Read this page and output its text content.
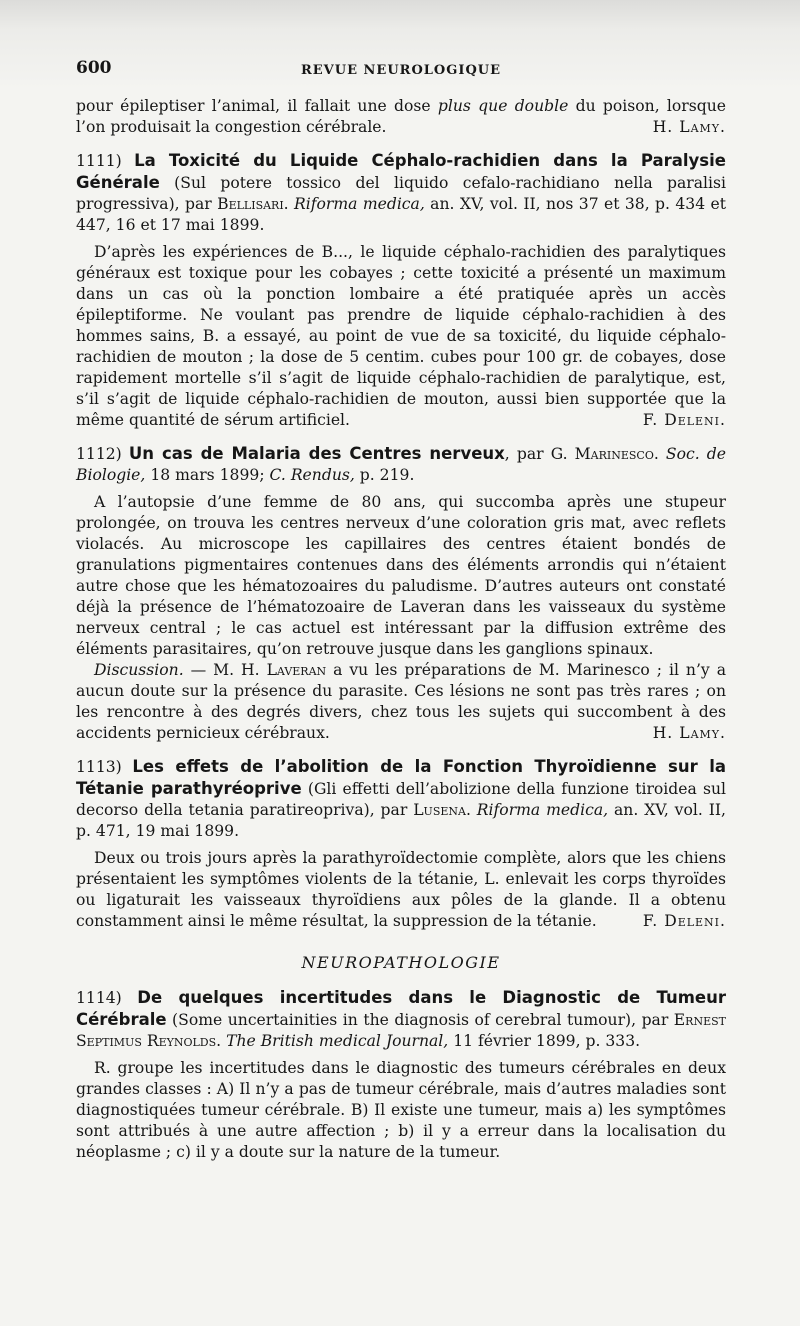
600	REVUE NEUROLOGIQUE

pour épileptiser l’animal, il fallait une dose plus que double du poison, lorsque l’on produisait la congestion cérébrale.	H. Lamy.

1111) La Toxicité du Liquide Céphalo-rachidien dans la Paralysie Générale (Sul potere tossico del liquido cefalo-rachidiano nella paralisi progressiva), par Bellisari. Riforma medica, an. XV, vol. II, nos 37 et 38, p. 434 et 447, 16 et 17 mai 1899.

D’après les expériences de B..., le liquide céphalo-rachidien des paralytiques généraux est toxique pour les cobayes ; cette toxicité a présenté un maximum dans un cas où la ponction lombaire a été pratiquée après un accès épileptiforme. Ne voulant pas prendre de liquide céphalo-rachidien à des hommes sains, B. a essayé, au point de vue de sa toxicité, du liquide céphalo-rachidien de mouton ; la dose de 5 centim. cubes pour 100 gr. de cobayes, dose rapidement mortelle s’il s’agit de liquide céphalo-rachidien de paralytique, est, s’il s’agit de liquide céphalo-rachidien de mouton, aussi bien supportée que la même quantité de sérum artificiel.	F. Deleni.

1112) Un cas de Malaria des Centres nerveux, par G. Marinesco. Soc. de Biologie, 18 mars 1899; C. Rendus, p. 219.

A l’autopsie d’une femme de 80 ans, qui succomba après une stupeur prolongée, on trouva les centres nerveux d’une coloration gris mat, avec reflets violacés. Au microscope les capillaires des centres étaient bondés de granulations pigmentaires contenues dans des éléments arrondis qui n’étaient autre chose que les hématozoaires du paludisme. D’autres auteurs ont constaté déjà la présence de l’hématozoaire de Laveran dans les vaisseaux du système nerveux central ; le cas actuel est intéressant par la diffusion extrême des éléments parasitaires, qu’on retrouve jusque dans les ganglions spinaux.

Discussion. — M. H. Laveran a vu les préparations de M. Marinesco ; il n’y a aucun doute sur la présence du parasite. Ces lésions ne sont pas très rares ; on les rencontre à des degrés divers, chez tous les sujets qui succombent à des accidents pernicieux cérébraux.	H. Lamy.

1113) Les effets de l’abolition de la Fonction Thyroïdienne sur la Tétanie parathyréoprive (Gli effetti dell’abolizione della funzione tiroidea sul decorso della tetania paratireopriva), par Lusena. Riforma medica, an. XV, vol. II, p. 471, 19 mai 1899.

Deux ou trois jours après la parathyroïdectomie complète, alors que les chiens présentaient les symptômes violents de la tétanie, L. enlevait les corps thyroïdes ou ligaturait les vaisseaux thyroïdiens aux pôles de la glande. Il a obtenu constamment ainsi le même résultat, la suppression de la tétanie.	F. Deleni.

NEUROPATHOLOGIE

1114) De quelques incertitudes dans le Diagnostic de Tumeur Cérébrale (Some uncertainities in the diagnosis of cerebral tumour), par Ernest Septimus Reynolds. The British medical Journal, 11 février 1899, p. 333.

R. groupe les incertitudes dans le diagnostic des tumeurs cérébrales en deux grandes classes : A) Il n’y a pas de tumeur cérébrale, mais d’autres maladies sont diagnostiquées tumeur cérébrale. B) Il existe une tumeur, mais a) les symptômes sont attribués à une autre affection ; b) il y a erreur dans la localisation du néoplasme ; c) il y a doute sur la nature de la tumeur.
